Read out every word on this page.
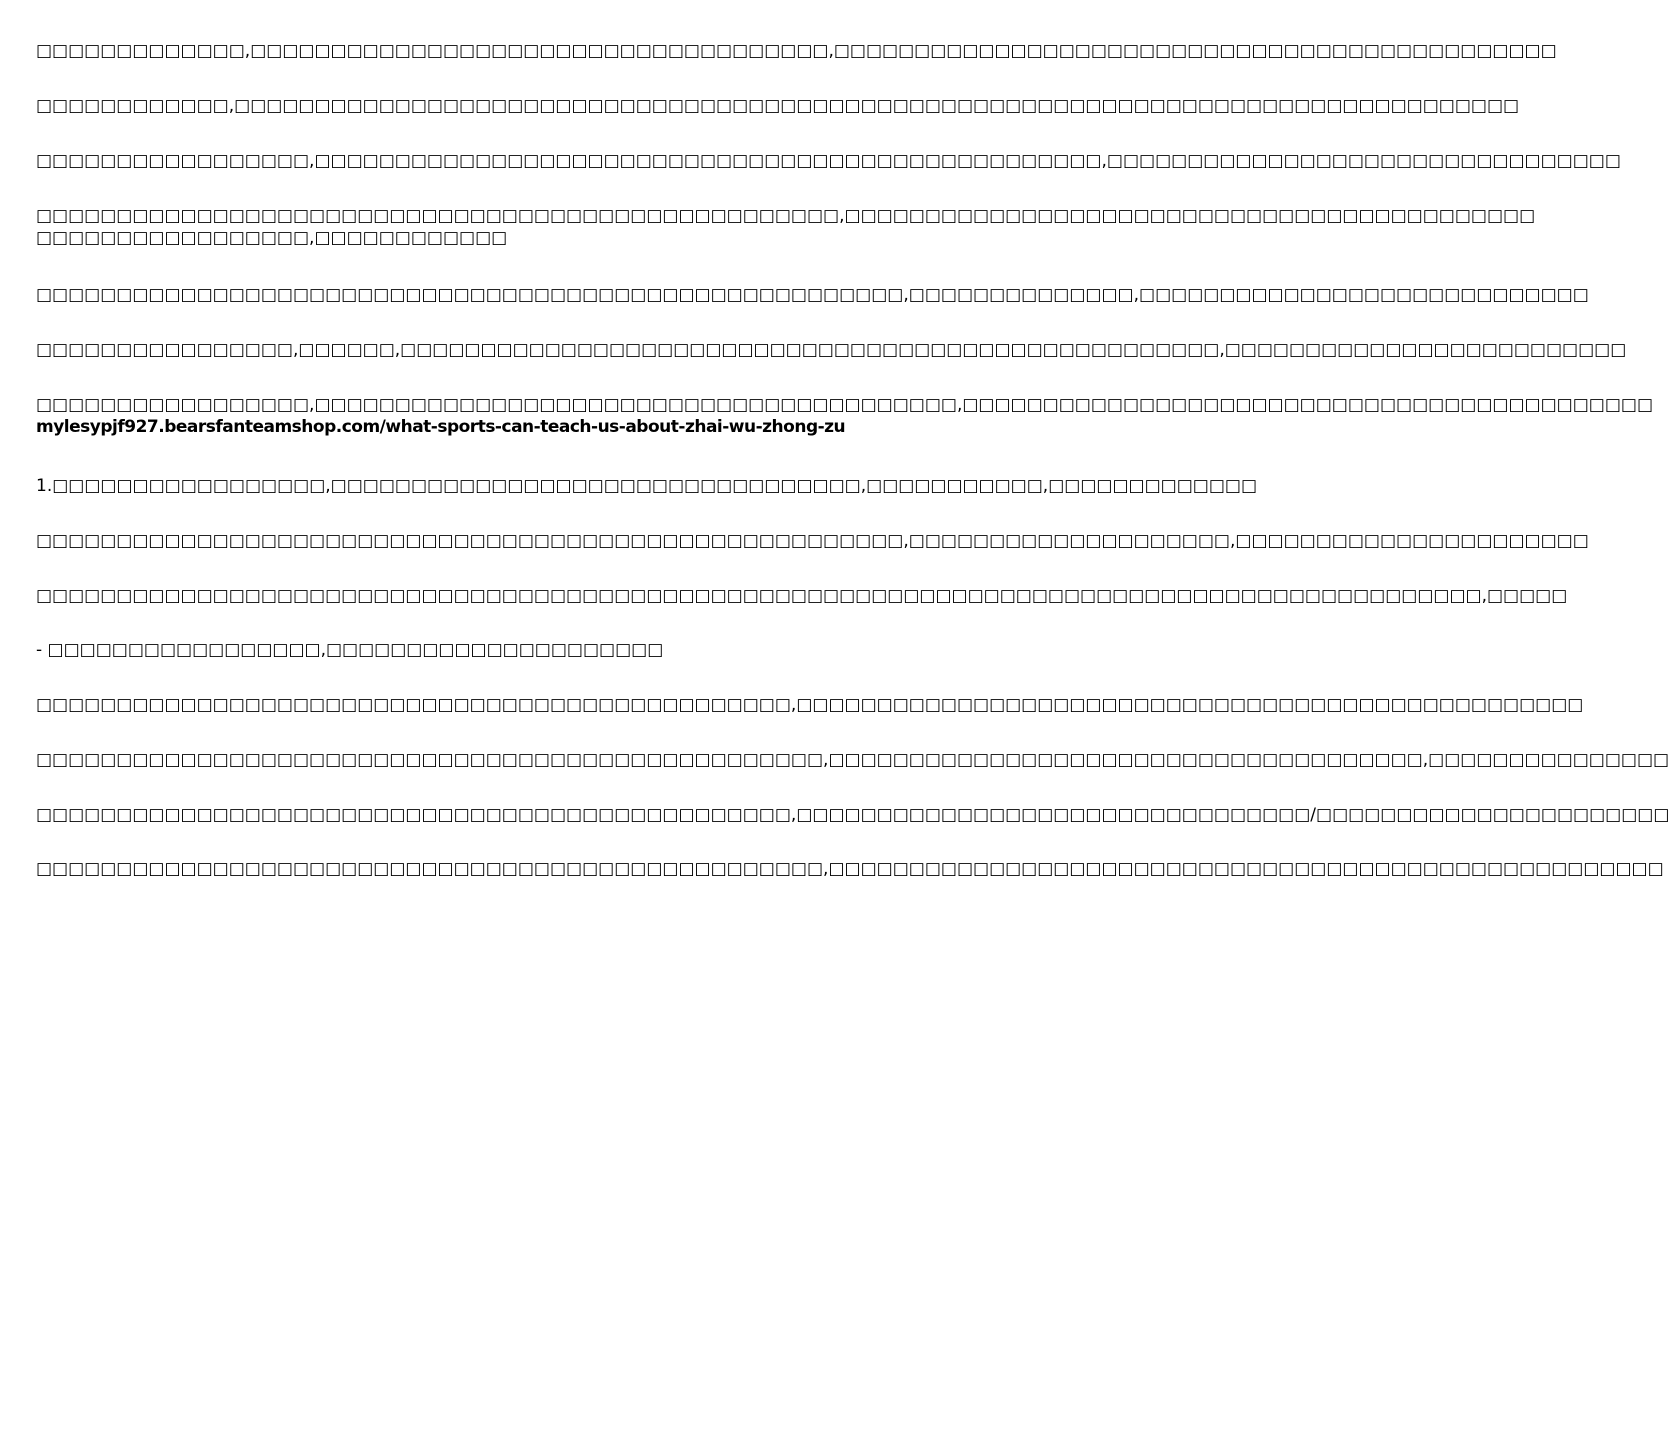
□□□□□□□□□□□□□,□□□□□□□□□□□□□□□□□□□□□□□□□□□□□□□□□□□□,□□□□□□□□□□□□□□□□□□□□□□□□□□□□□□□□□□□□□□□□□□□□□

□□□□□□□□□□□□,□□□□□□□□□□□□□□□□□□□□□□□□□□□□□□□□□□□□□□□□□□□□□□□□□□□□□□□□□□□□□□□□□□□□□□□□□□□□□□□□

□□□□□□□□□□□□□□□□□,□□□□□□□□□□□□□□□□□□□□□□□□□□□□□□□□□□□□□□□□□□□□□□□□□,□□□□□□□□□□□□□□□□□□□□□□□□□□□□□□□□

□□□□□□□□□□□□□□□□□□□□□□□□□□□□□□□□□□□□□□□□□□□□□□□□□□,□□□□□□□□□□□□□□□□□□□□□□□□□□□□□□□□□□□□□□□□□□□
□□□□□□□□□□□□□□□□□,□□□□□□□□□□□□

□□□□□□□□□□□□□□□□□□□□□□□□□□□□□□□□□□□□□□□□□□□□□□□□□□□□□□,□□□□□□□□□□□□□□,□□□□□□□□□□□□□□□□□□□□□□□□□□□□

□□□□□□□□□□□□□□□□,□□□□□□,□□□□□□□□□□□□□□□□□□□□□□□□□□□□□□□□□□□□□□□□□□□□□□□□□□□,□□□□□□□□□□□□□□□□□□□□□□□□□

□□□□□□□□□□□□□□□□□,□□□□□□□□□□□□□□□□□□□□□□□□□□□□□□□□□□□□□□□□,□□□□□□□□□□□□□□□□□□□□□□□□□□□□□□□□□□□□□□□□□□□
mylesypjf927.bearsfanteamshop.com/what-sports-can-teach-us-about-zhai-wu-zhong-zu

1.□□□□□□□□□□□□□□□□□,□□□□□□□□□□□□□□□□□□□□□□□□□□□□□□□□□,□□□□□□□□□□□,□□□□□□□□□□□□□

□□□□□□□□□□□□□□□□□□□□□□□□□□□□□□□□□□□□□□□□□□□□□□□□□□□□□□,□□□□□□□□□□□□□□□□□□□□,□□□□□□□□□□□□□□□□□□□□□□

□□□□□□□□□□□□□□□□□□□□□□□□□□□□□□□□□□□□□□□□□□□□□□□□□□□□□□□□□□□□□□□□□□□□□□□□□□□□□□□□□□□□□□□□□□,□□□□□

- □□□□□□□□□□□□□□□□□,□□□□□□□□□□□□□□□□□□□□□

□□□□□□□□□□□□□□□□□□□□□□□□□□□□□□□□□□□□□□□□□□□□□□□,□□□□□□□□□□□□□□□□□□□□□□□□□□□□□□□□□□□□□□□□□□□□□□□□□

□□□□□□□□□□□□□□□□□□□□□□□□□□□□□□□□□□□□□□□□□□□□□□□□□,□□□□□□□□□□□□□□□□□□□□□□□□□□□□□□□□□□□□□,□□□□□□□□□□□□□□□

□□□□□□□□□□□□□□□□□□□□□□□□□□□□□□□□□□□□□□□□□□□□□□□,□□□□□□□□□□□□□□□□□□□□□□□□□□□□□□□□/□□□□□□□□□□□□□□□□□□□□□□

□□□□□□□□□□□□□□□□□□□□□□□□□□□□□□□□□□□□□□□□□□□□□□□□□,□□□□□□□□□□□□□□□□□□□□□□□□□□□□□□□□□□□□□□□□□□□□□□□□□□□□
